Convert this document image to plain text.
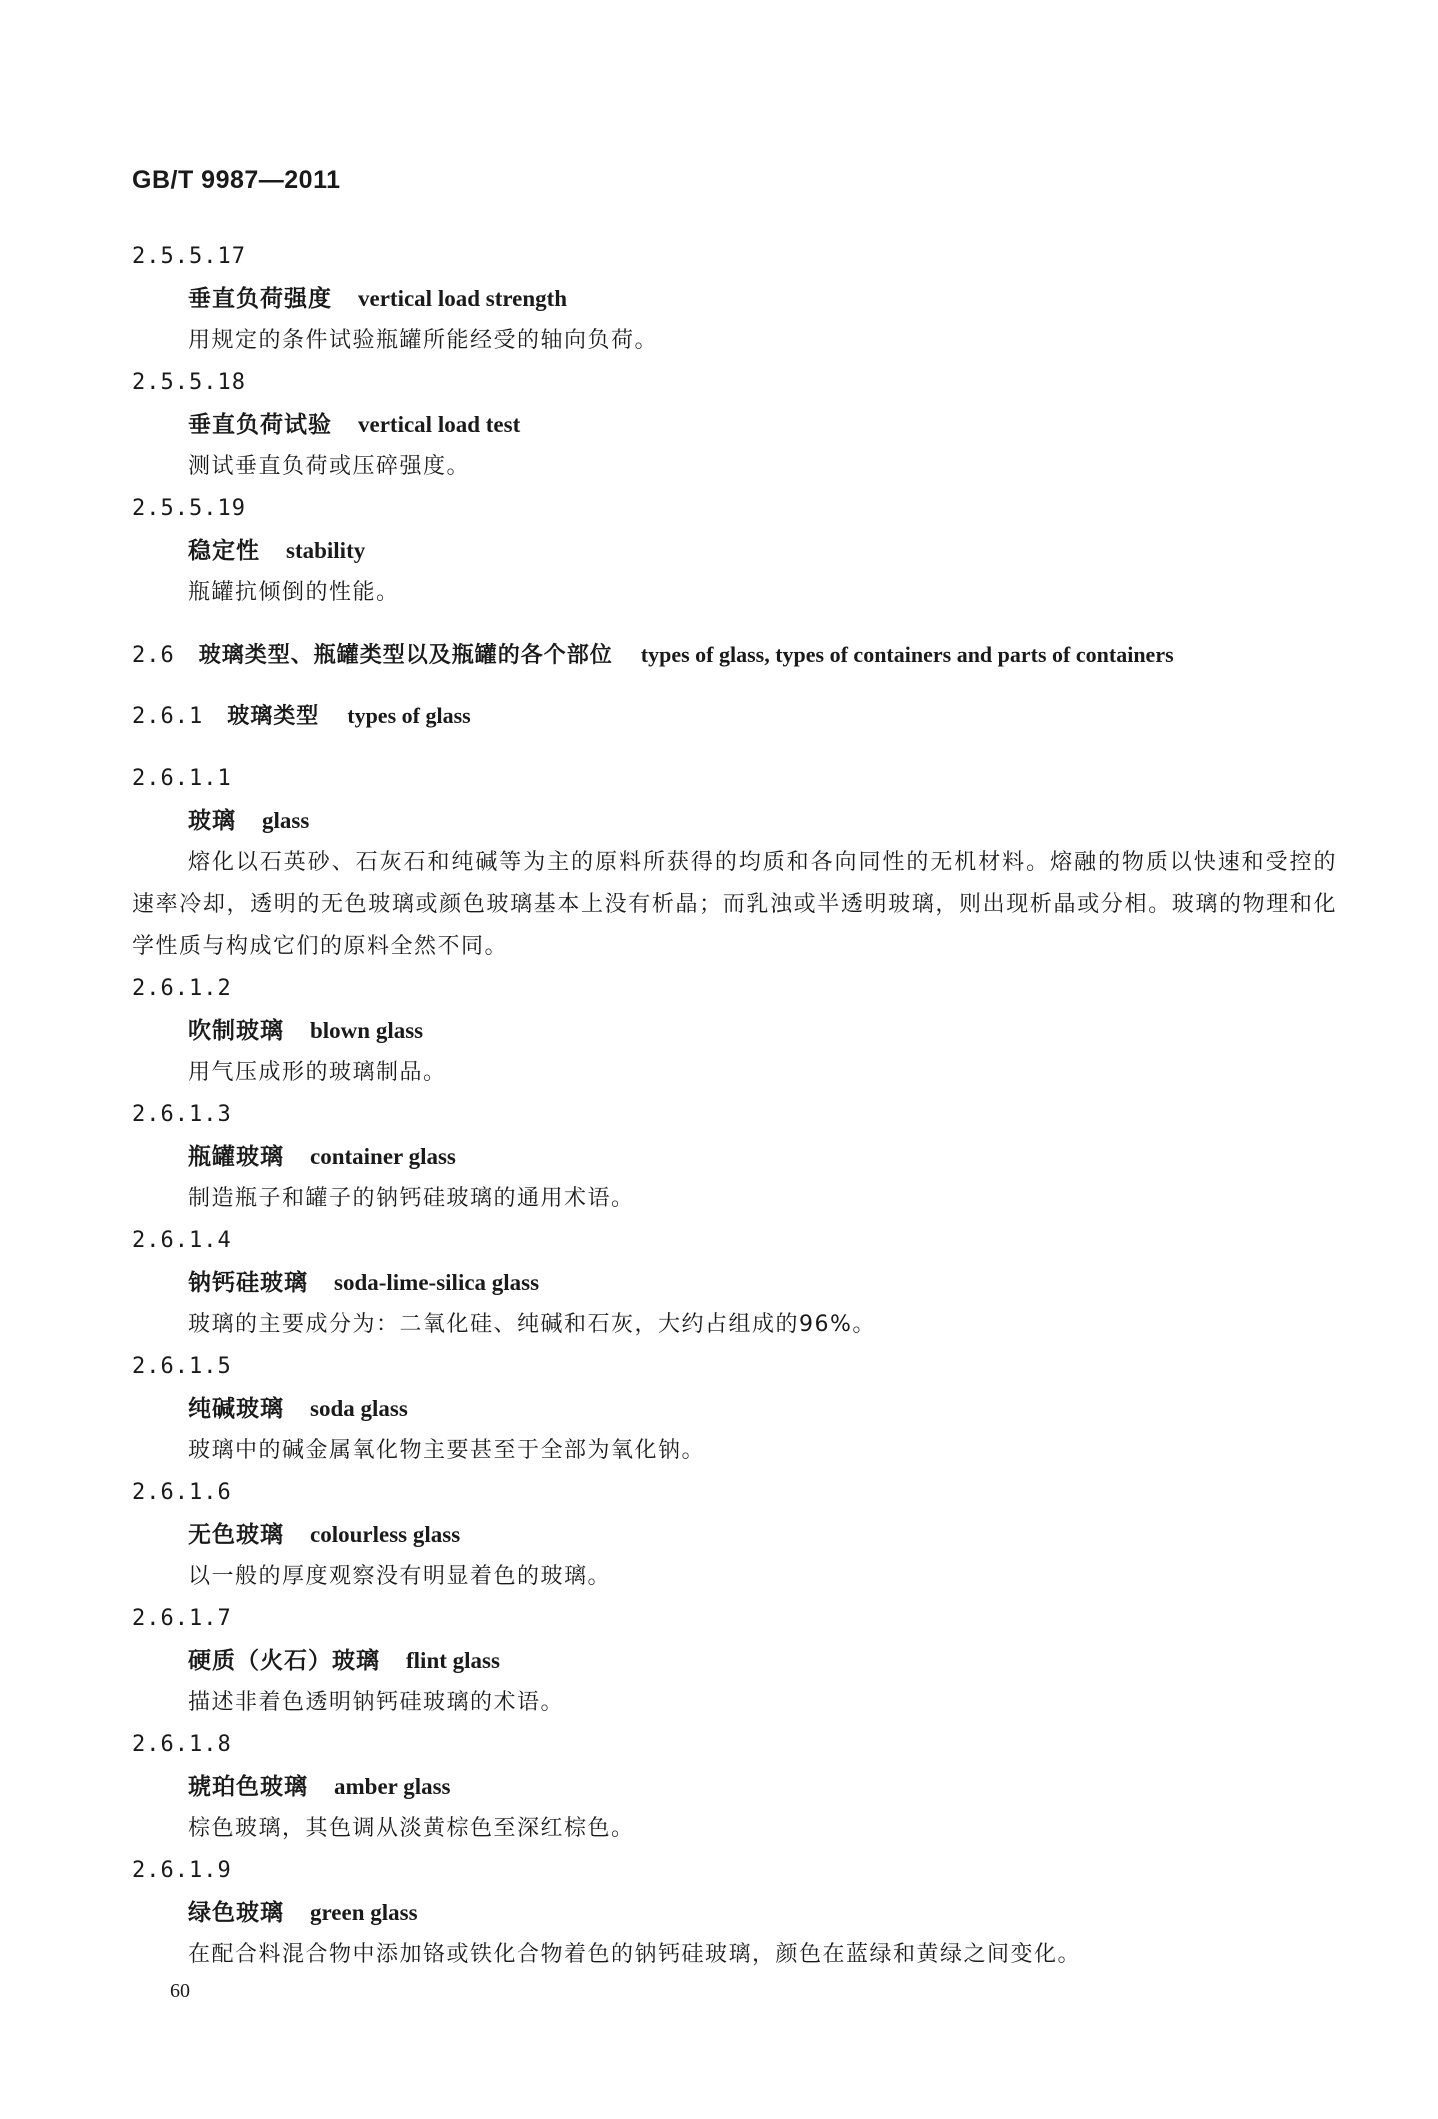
GB/T 9987—2011
2.5.5.17
垂直负荷强度 vertical load strength
用规定的条件试验瓶罐所能经受的轴向负荷。
2.5.5.18
垂直负荷试验 vertical load test
测试垂直负荷或压碎强度。
2.5.5.19
稳定性 stability
瓶罐抗倾倒的性能。
2.6 玻璃类型、瓶罐类型以及瓶罐的各个部位 types of glass, types of containers and parts of containers
2.6.1 玻璃类型 types of glass
2.6.1.1
玻璃 glass
熔化以石英砂、石灰石和纯碱等为主的原料所获得的均质和各向同性的无机材料。熔融的物质以快速和受控的速率冷却，透明的无色玻璃或颜色玻璃基本上没有析晶；而乳浊或半透明玻璃，则出现析晶或分相。玻璃的物理和化学性质与构成它们的原料全然不同。
2.6.1.2
吹制玻璃 blown glass
用气压成形的玻璃制品。
2.6.1.3
瓶罐玻璃 container glass
制造瓶子和罐子的钠钙硅玻璃的通用术语。
2.6.1.4
钠钙硅玻璃 soda-lime-silica glass
玻璃的主要成分为：二氧化硅、纯碱和石灰，大约占组成的96%。
2.6.1.5
纯碱玻璃 soda glass
玻璃中的碱金属氧化物主要甚至于全部为氧化钠。
2.6.1.6
无色玻璃 colourless glass
以一般的厚度观察没有明显着色的玻璃。
2.6.1.7
硬质（火石）玻璃 flint glass
描述非着色透明钠钙硅玻璃的术语。
2.6.1.8
琥珀色玻璃 amber glass
棕色玻璃，其色调从淡黄棕色至深红棕色。
2.6.1.9
绿色玻璃 green glass
在配合料混合物中添加铬或铁化合物着色的钠钙硅玻璃，颜色在蓝绿和黄绿之间变化。
60
